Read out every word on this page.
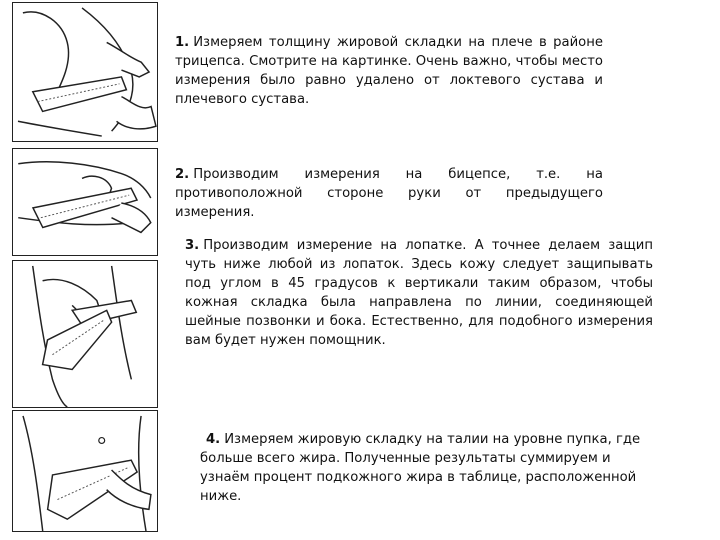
1. Измеряем толщину жировой складки на плече в районе трицепса. Смотрите на картинке. Очень важно, чтобы место измерения было равно удалено от локтевого сустава и плечевого сустава.
2. Производим измерения на бицепсе, т.е. на противоположной стороне руки от предыдущего измерения.
3. Производим измерение на лопатке. А точнее делаем защип чуть ниже любой из лопаток. Здесь кожу следует защипывать под углом в 45 градусов к вертикали таким образом, чтобы кожная складка была направлена по линии, соединяющей шейные позвонки и бока. Естественно, для подобного измерения вам будет нужен помощник.
4. Измеряем жировую складку на талии на уровне пупка, где больше всего жира. Полученные результаты суммируем и узнаём процент подкожного жира в таблице, расположенной ниже.
